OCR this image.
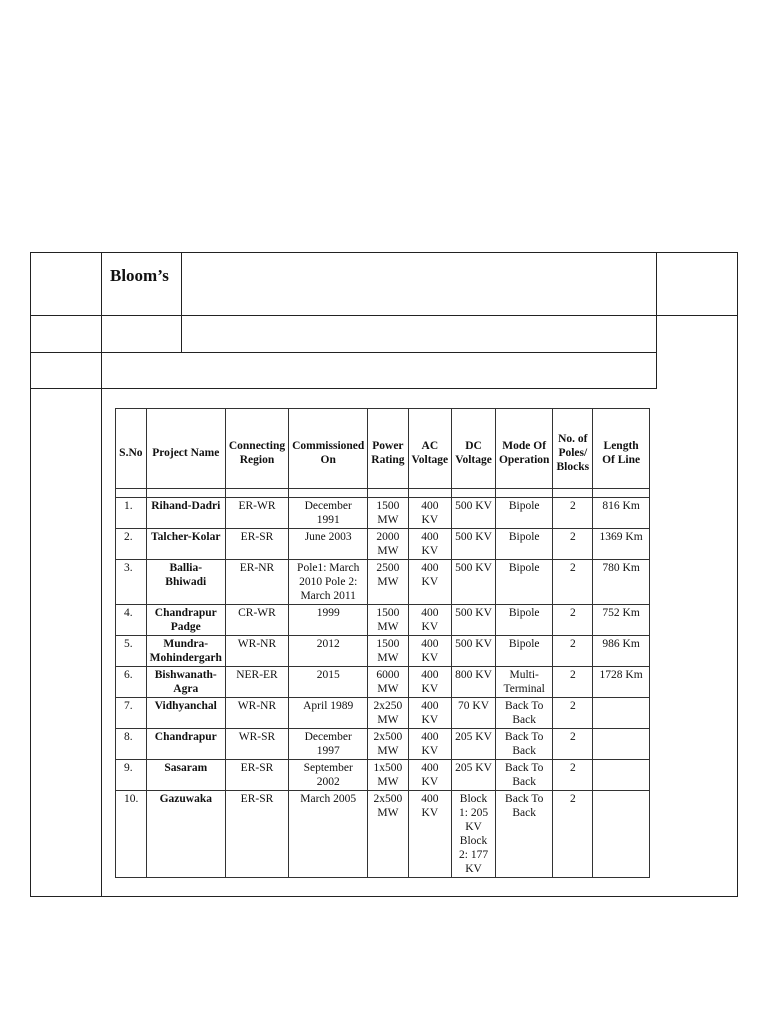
Bloom’s
S.No	Project Name	Connecting Region	Commissioned On	Power Rating	AC Voltage	DC Voltage	Mode Of Operation	No. of Poles/ Blocks	Length Of Line

1.	Rihand-Dadri	ER-WR	December 1991	1500 MW	400 KV	500 KV	Bipole	2	816 Km
2.	Talcher-Kolar	ER-SR	June 2003	2000 MW	400 KV	500 KV	Bipole	2	1369 Km
3.	Ballia-Bhiwadi	ER-NR	Pole1: March 2010 Pole 2: March 2011	2500 MW	400 KV	500 KV	Bipole	2	780 Km
4.	Chandrapur Padge	CR-WR	1999	1500 MW	400 KV	500 KV	Bipole	2	752 Km
5.	Mundra-Mohindergarh	WR-NR	2012	1500 MW	400 KV	500 KV	Bipole	2	986 Km
6.	Bishwanath-Agra	NER-ER	2015	6000 MW	400 KV	800 KV	Multi-Terminal	2	1728 Km
7.	Vidhyanchal	WR-NR	April 1989	2x250 MW	400 KV	70 KV	Back To Back	2	
8.	Chandrapur	WR-SR	December 1997	2x500 MW	400 KV	205 KV	Back To Back	2	
9.	Sasaram	ER-SR	September 2002	1x500 MW	400 KV	205 KV	Back To Back	2	
10.	Gazuwaka	ER-SR	March 2005	2x500 MW	400 KV	Block 1: 205 KV Block 2: 177 KV	Back To Back	2	
